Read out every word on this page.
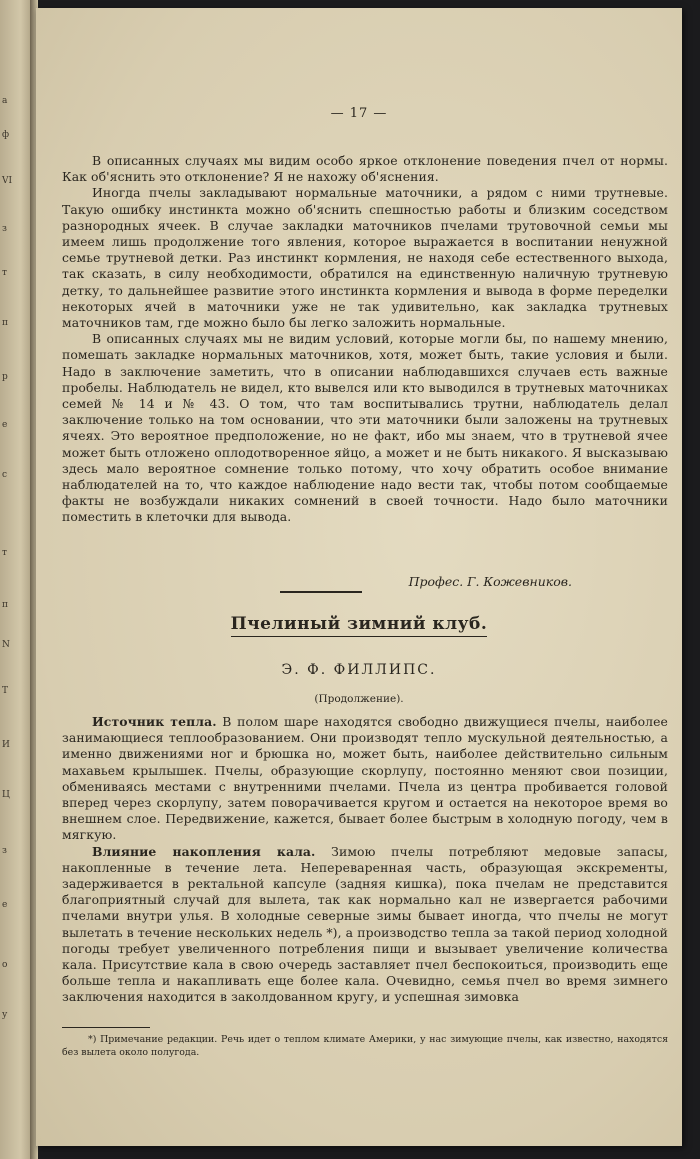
а
ф
VI
з
т
п
р
е
с
т
п
N
Т
И
Ц
з
е
о
у
— 17 —

В описанных случаях мы видим особо яркое отклонение поведения пчел от нормы. Как об'яснить это отклонение? Я не нахожу об'яснения.

Иногда пчелы закладывают нормальные маточники, а рядом с ними трутневые. Такую ошибку инстинкта можно об'яснить спешностью работы и близким соседством разнородных ячеек. В случае закладки маточников пчелами трутовочной семьи мы имеем лишь продолжение того явления, которое выражается в воспитании ненужной семье трутневой детки. Раз инстинкт кормления, не находя себе естественного выхода, так сказать, в силу необходимости, обратился на единственную наличную трутневую детку, то дальнейшее развитие этого инстинкта кормления и вывода в форме переделки некоторых ячей в маточники уже не так удивительно, как закладка трутневых маточников там, где можно было бы легко заложить нормальные.

В описанных случаях мы не видим условий, которые могли бы, по нашему мнению, помешать закладке нормальных маточников, хотя, может быть, такие условия и были. Надо в заключение заметить, что в описании наблюдавшихся случаев есть важные пробелы. Наблюдатель не видел, кто вывелся или кто выводился в трутневых маточниках семей № 14 и № 43. О том, что там воспитывались трутни, наблюдатель делал заключение только на том основании, что эти маточники были заложены на трутневых ячеях. Это вероятное предположение, но не факт, ибо мы знаем, что в трутневой ячее может быть отложено оплодотворенное яйцо, а может и не быть никакого. Я высказываю здесь мало вероятное сомнение только потому, что хочу обратить особое внимание наблюдателей на то, что каждое наблюдение надо вести так, чтобы потом сообщаемые факты не возбуждали никаких сомнений в своей точности. Надо было маточники поместить в клеточки для вывода.

Профес. Г. Кожевников.
Пчелиный зимний клуб.
Э. Ф. ФИЛЛИПС.
(Продолжение).

Источник тепла. В полом шаре находятся свободно движущиеся пчелы, наиболее занимающиеся теплообразованием. Они производят тепло мускульной деятельностью, а именно движениями ног и брюшка но, может быть, наиболее действительно сильным махавьем крылышек. Пчелы, образующие скорлупу, постоянно меняют свои позиции, обмениваясь местами с внутренними пчелами. Пчела из центра пробивается головой вперед через скорлупу, затем поворачивается кругом и остается на некоторое время во внешнем слое. Передвижение, кажется, бывает более быстрым в холодную погоду, чем в мягкую.

Влияние накопления кала. Зимою пчелы потребляют медовые запасы, накопленные в течение лета. Непереваренная часть, образующая экскременты, задерживается в ректальной капсуле (задняя кишка), пока пчелам не представится благоприятный случай для вылета, так как нормально кал не извергается рабочими пчелами внутри улья. В холодные северные зимы бывает иногда, что пчелы не могут вылетать в течение нескольких недель *), а производство тепла за такой период холодной погоды требует увеличенного потребления пищи и вызывает увеличение количества кала. Присутствие кала в свою очередь заставляет пчел беспокоиться, производить еще больше тепла и накапливать еще более кала. Очевидно, семья пчел во время зимнего заключения находится в заколдованном кругу, и успешная зимовка

*) Примечание редакции. Речь идет о теплом климате Америки, у нас зимующие пчелы, как известно, находятся без вылета около полугода.
